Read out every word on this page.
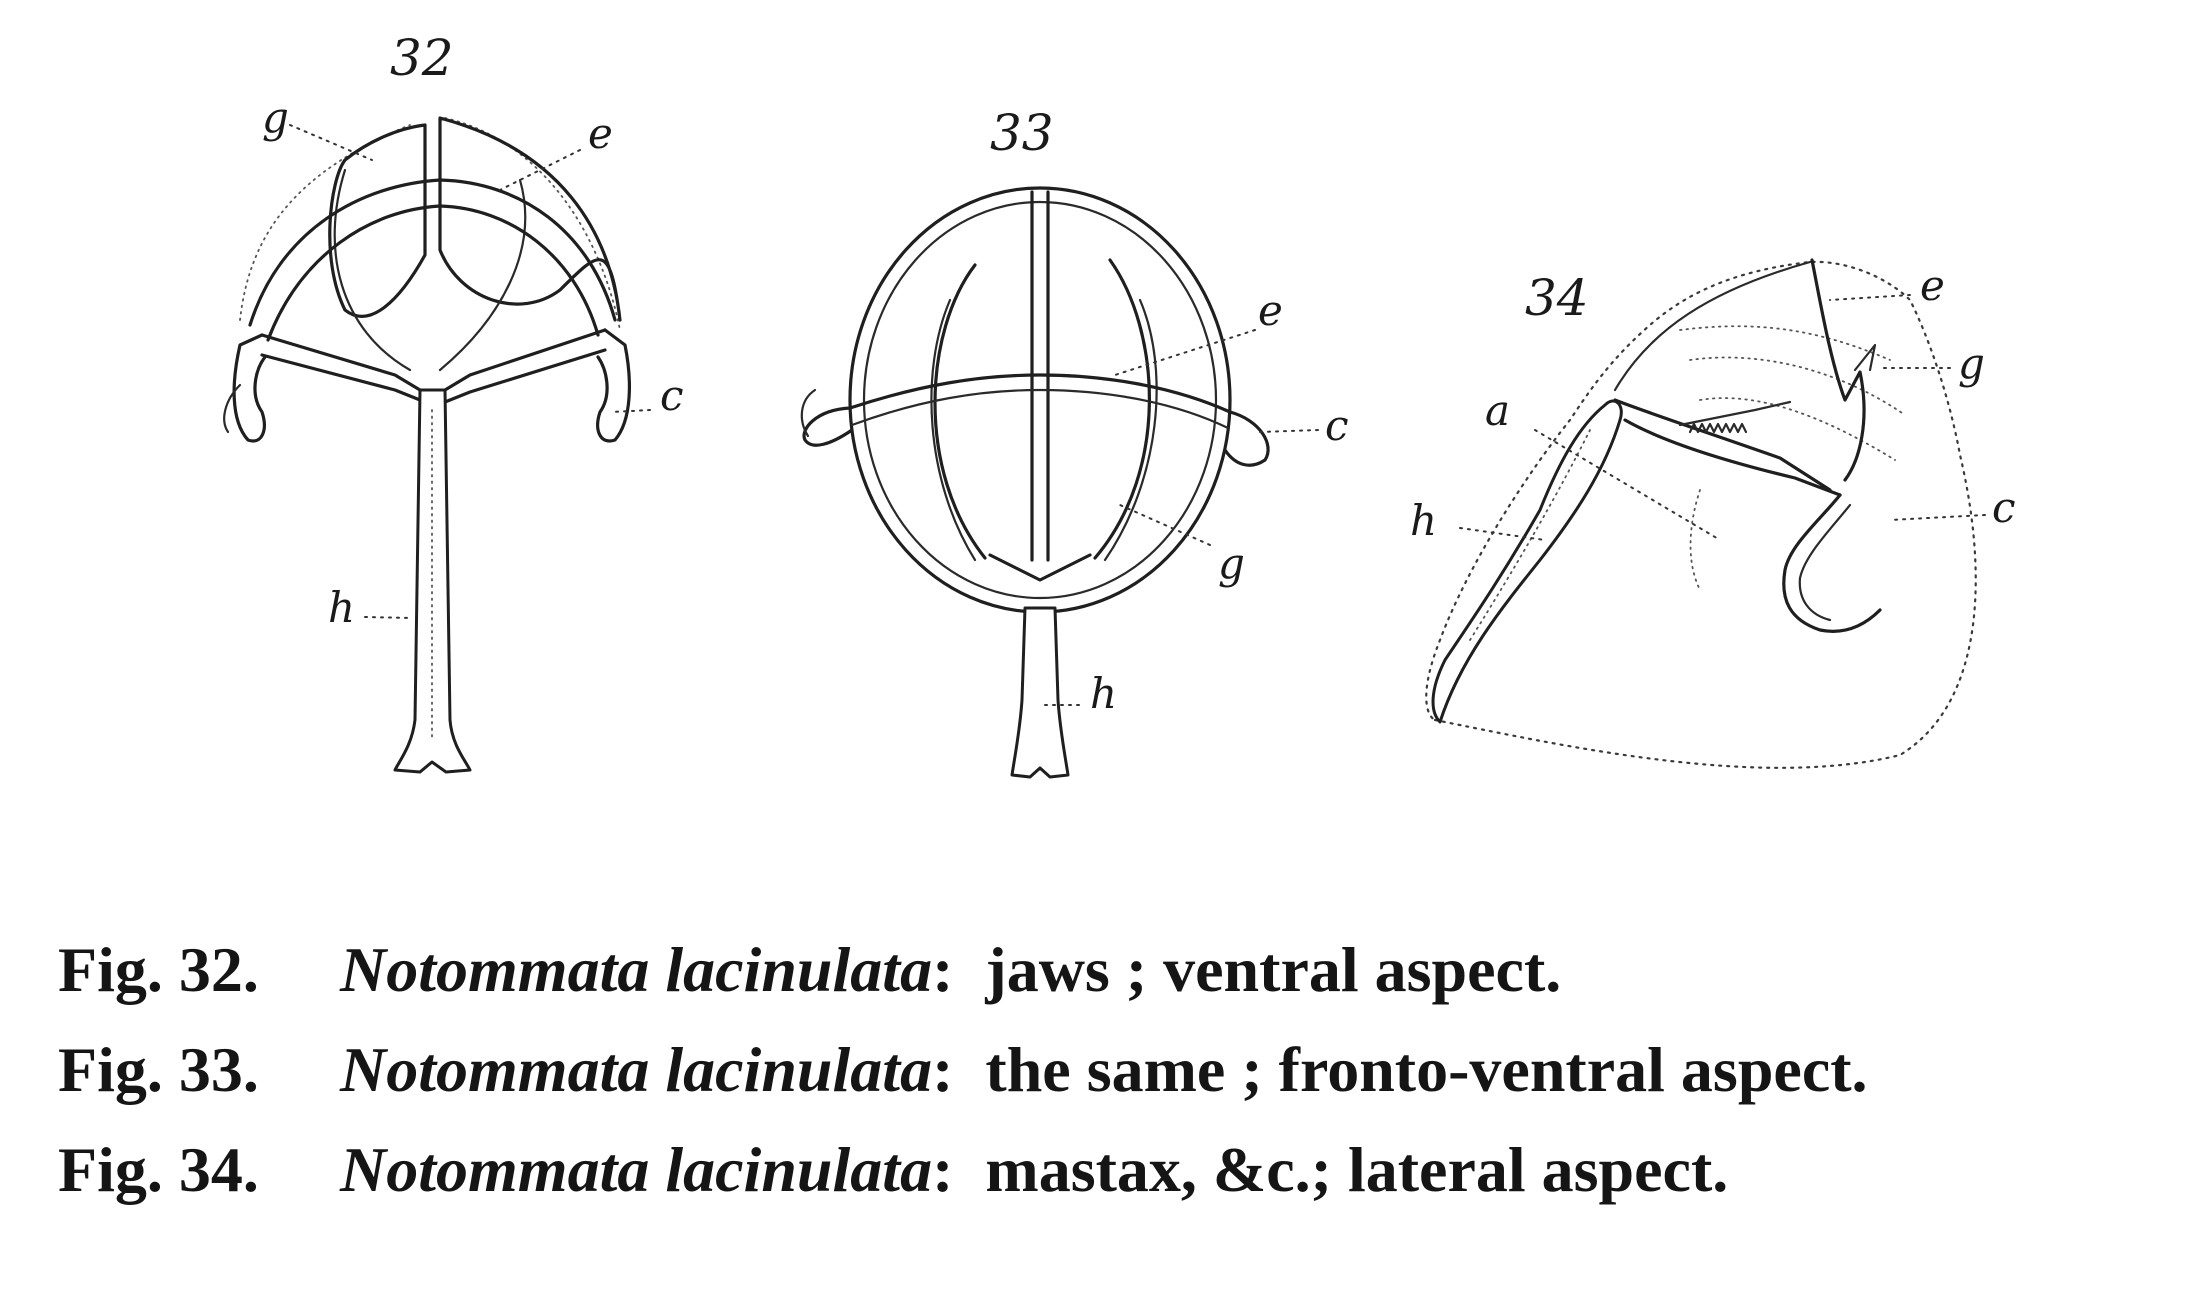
32
g	e
c
h
33
e
c
g
h
34	e
g
a
h	c
Fig. 32. Notommata lacinulata: jaws ; ventral aspect.
Fig. 33. Notommata lacinulata: the same ; fronto-ventral aspect.
Fig. 34. Notommata lacinulata: mastax, &c.; lateral aspect.
